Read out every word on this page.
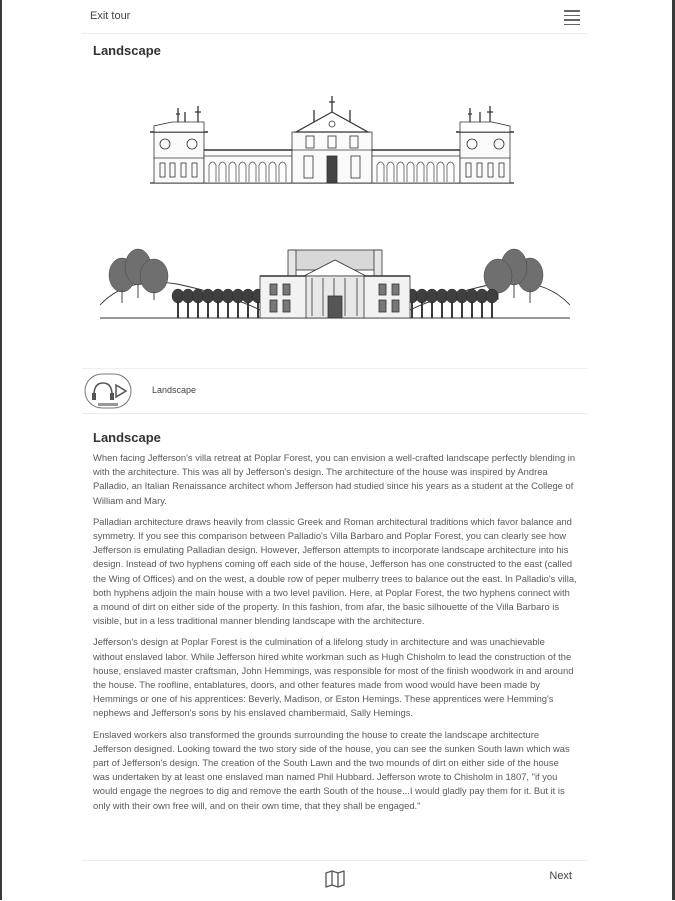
Exit tour
Landscape
Landscape
Landscape

When facing Jefferson's villa retreat at Poplar Forest, you can envision a well-crafted landscape perfectly blending in with the architecture. This was all by Jefferson's design. The architecture of the house was inspired by Andrea Palladio, an Italian Renaissance architect whom Jefferson had studied since his years as a student at the College of William and Mary.

Palladian architecture draws heavily from classic Greek and Roman architectural traditions which favor balance and symmetry. If you see this comparison between Palladio's Villa Barbaro and Poplar Forest, you can clearly see how Jefferson is emulating Palladian design. However, Jefferson attempts to incorporate landscape architecture into his design. Instead of two hyphens coming off each side of the house, Jefferson has one constructed to the east (called the Wing of Offices) and on the west, a double row of peper mulberry trees to balance out the east. In Palladio's villa, both hyphens adjoin the main house with a two level pavilion. Here, at Poplar Forest, the two hyphens connect with a mound of dirt on either side of the property. In this fashion, from afar, the basic silhouette of the Villa Barbaro is visible, but in a less traditional manner blending landscape with the architecture.

Jefferson's design at Poplar Forest is the culmination of a lifelong study in architecture and was unachievable without enslaved labor. While Jefferson hired white workman such as Hugh Chisholm to lead the construction of the house, enslaved master craftsman, John Hemmings, was responsible for most of the finish woodwork in and around the house. The roofline, entablatures, doors, and other features made from wood would have been made by Hemmings or one of his apprentices: Beverly, Madison, or Eston Hemings. These apprentices were Hemming's nephews and Jefferson's sons by his enslaved chambermaid, Sally Hemings.

Enslaved workers also transformed the grounds surrounding the house to create the landscape architecture Jefferson designed. Looking toward the two story side of the house, you can see the sunken South lawn which was part of Jefferson's design. The creation of the South Lawn and the two mounds of dirt on either side of the house was undertaken by at least one enslaved man named Phil Hubbard. Jefferson wrote to Chisholm in 1807, "if you would engage the negroes to dig and remove the earth South of the house...I would gladly pay them for it. But it is only with their own free will, and on their own time, that they shall be engaged."

Next
